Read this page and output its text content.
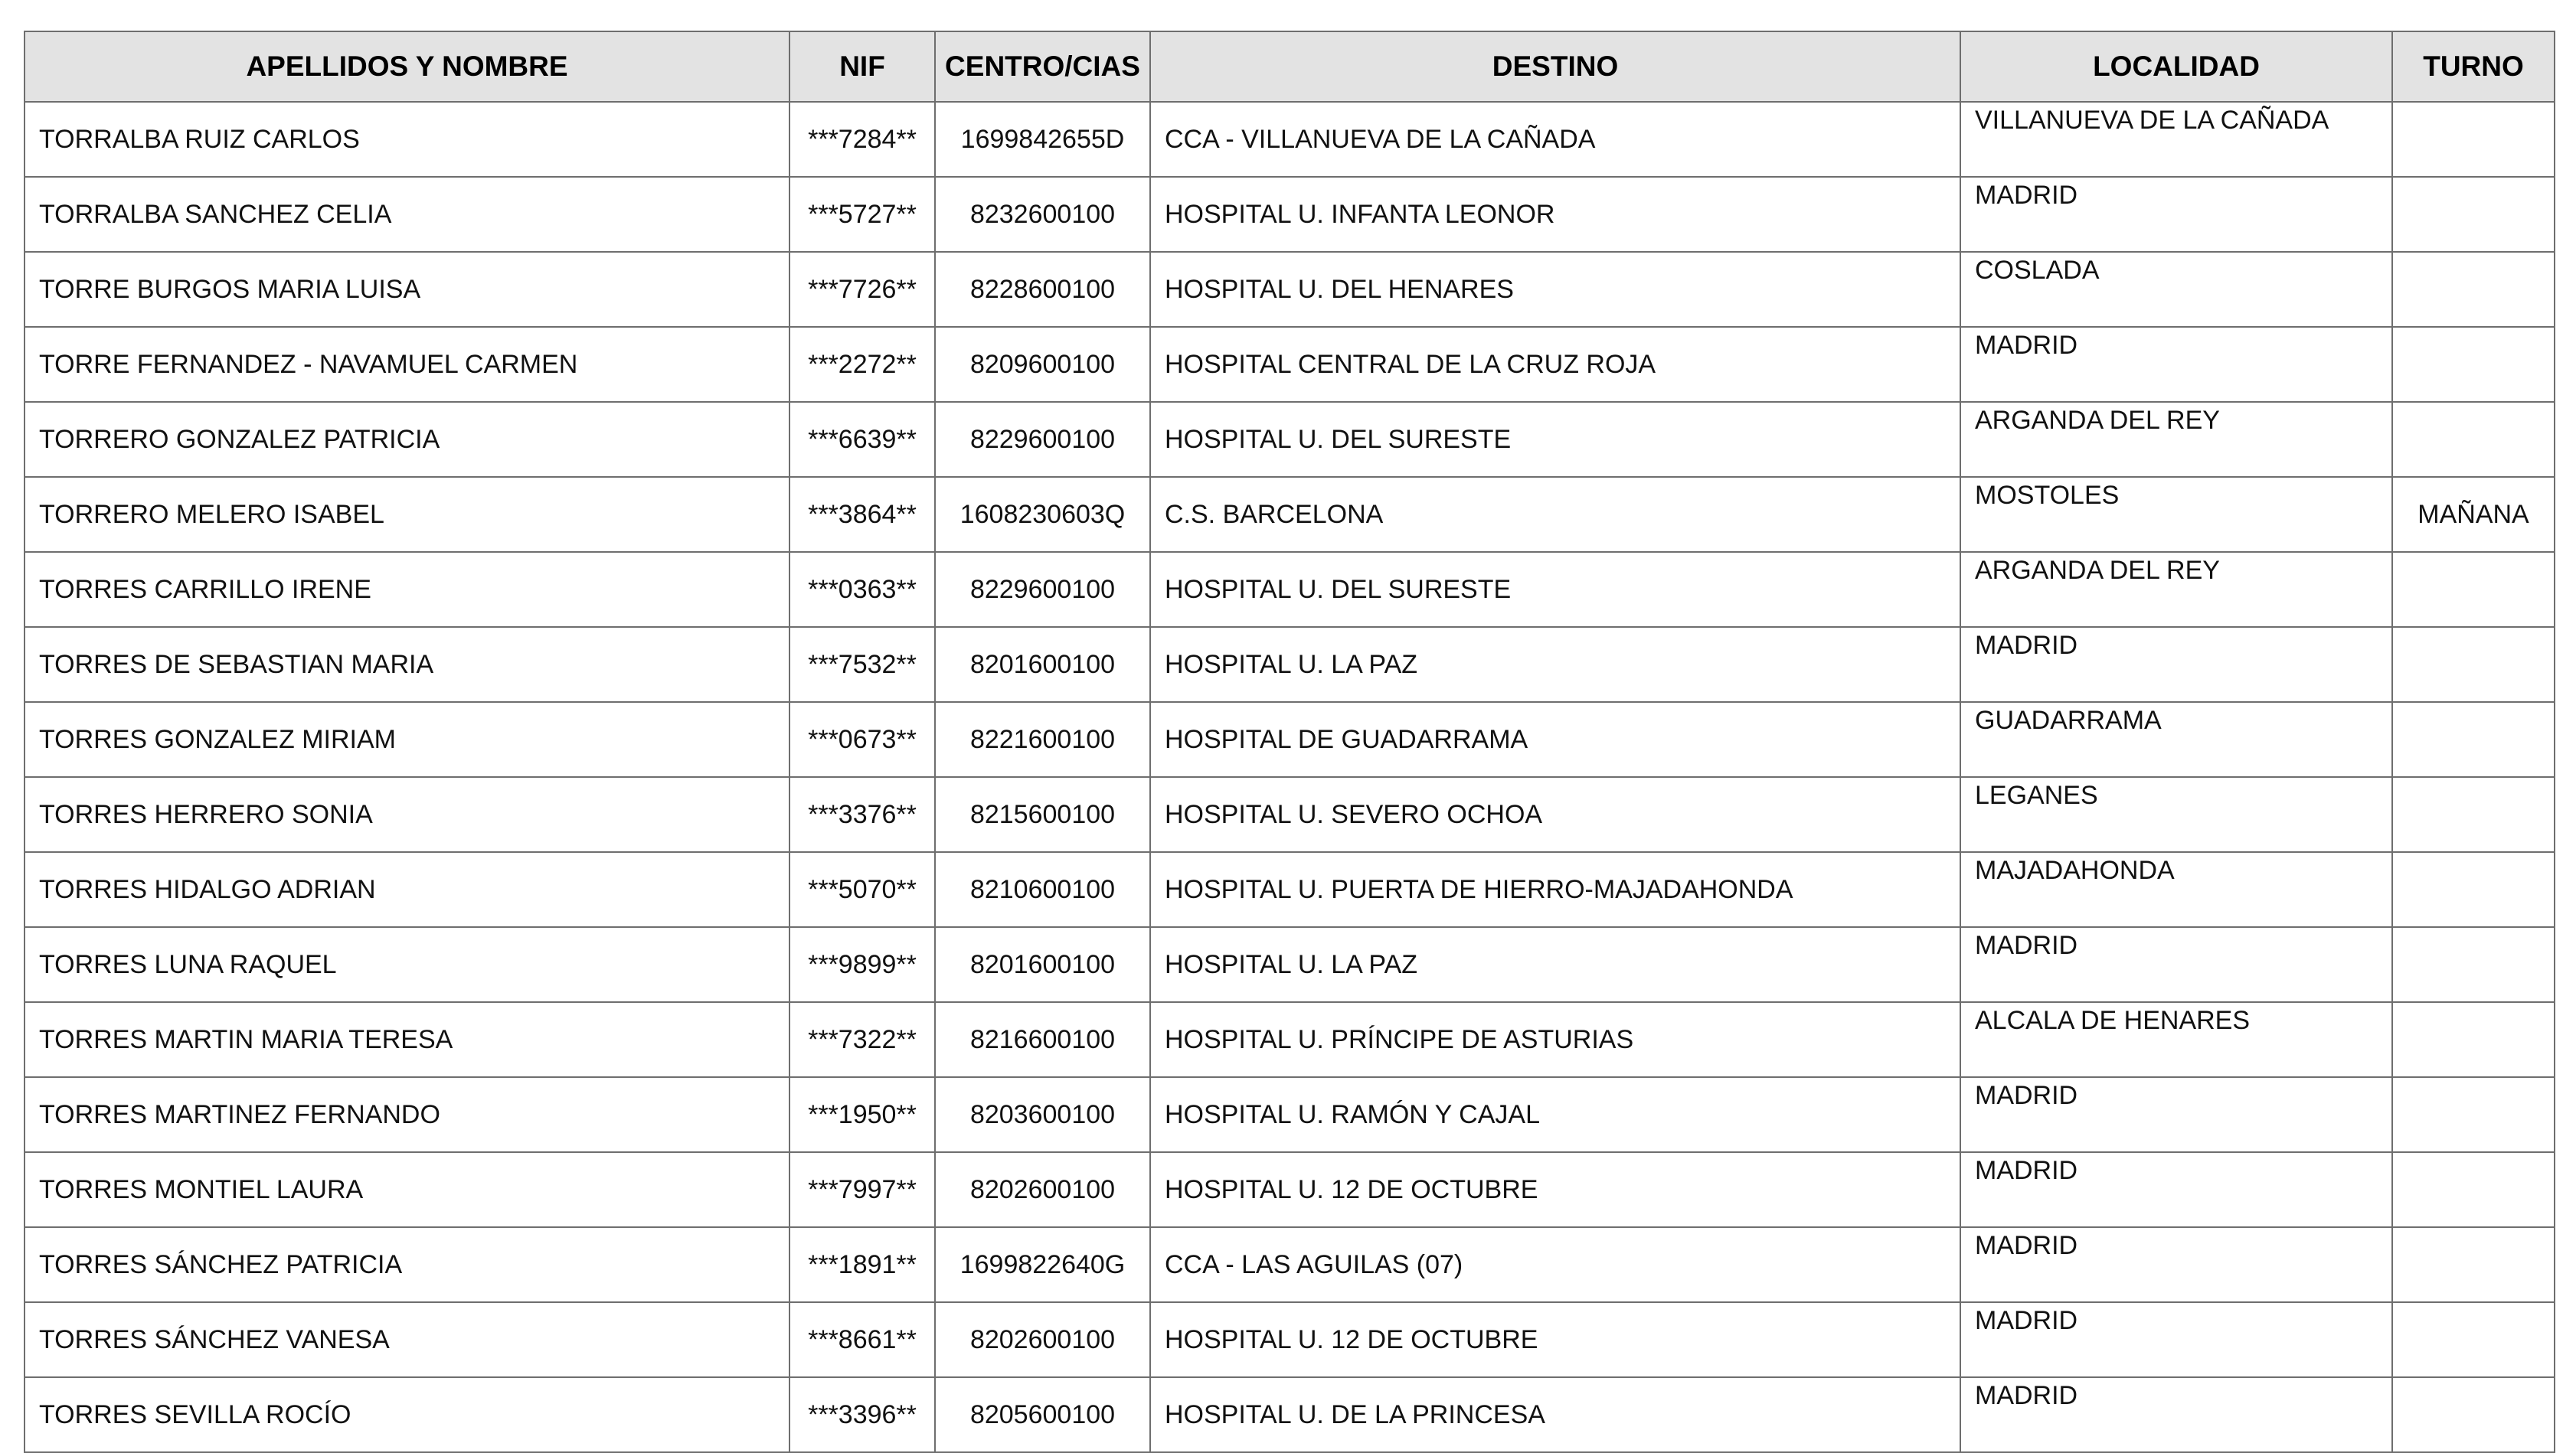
APELLIDOS Y NOMBRE	NIF	CENTRO/CIAS	DESTINO	LOCALIDAD	TURNO
TORRALBA RUIZ CARLOS	***7284**	1699842655D	CCA - VILLANUEVA DE LA CAÑADA	VILLANUEVA DE LA CAÑADA	
TORRALBA SANCHEZ CELIA	***5727**	8232600100	HOSPITAL U. INFANTA LEONOR	MADRID	
TORRE BURGOS MARIA LUISA	***7726**	8228600100	HOSPITAL U. DEL HENARES	COSLADA	
TORRE FERNANDEZ - NAVAMUEL CARMEN	***2272**	8209600100	HOSPITAL CENTRAL DE LA CRUZ ROJA	MADRID	
TORRERO GONZALEZ PATRICIA	***6639**	8229600100	HOSPITAL U. DEL SURESTE	ARGANDA DEL REY	
TORRERO MELERO ISABEL	***3864**	1608230603Q	C.S. BARCELONA	MOSTOLES	MAÑANA
TORRES CARRILLO IRENE	***0363**	8229600100	HOSPITAL U. DEL SURESTE	ARGANDA DEL REY	
TORRES DE SEBASTIAN MARIA	***7532**	8201600100	HOSPITAL U. LA PAZ	MADRID	
TORRES GONZALEZ MIRIAM	***0673**	8221600100	HOSPITAL DE GUADARRAMA	GUADARRAMA	
TORRES HERRERO SONIA	***3376**	8215600100	HOSPITAL U. SEVERO OCHOA	LEGANES	
TORRES HIDALGO ADRIAN	***5070**	8210600100	HOSPITAL U. PUERTA DE HIERRO-MAJADAHONDA	MAJADAHONDA	
TORRES LUNA RAQUEL	***9899**	8201600100	HOSPITAL U. LA PAZ	MADRID	
TORRES MARTIN MARIA TERESA	***7322**	8216600100	HOSPITAL U. PRÍNCIPE DE ASTURIAS	ALCALA DE HENARES	
TORRES MARTINEZ FERNANDO	***1950**	8203600100	HOSPITAL U. RAMÓN Y CAJAL	MADRID	
TORRES MONTIEL LAURA	***7997**	8202600100	HOSPITAL U. 12 DE OCTUBRE	MADRID	
TORRES SÁNCHEZ PATRICIA	***1891**	1699822640G	CCA - LAS AGUILAS (07)	MADRID	
TORRES SÁNCHEZ VANESA	***8661**	8202600100	HOSPITAL U. 12 DE OCTUBRE	MADRID	
TORRES SEVILLA ROCÍO	***3396**	8205600100	HOSPITAL U. DE LA PRINCESA	MADRID	
